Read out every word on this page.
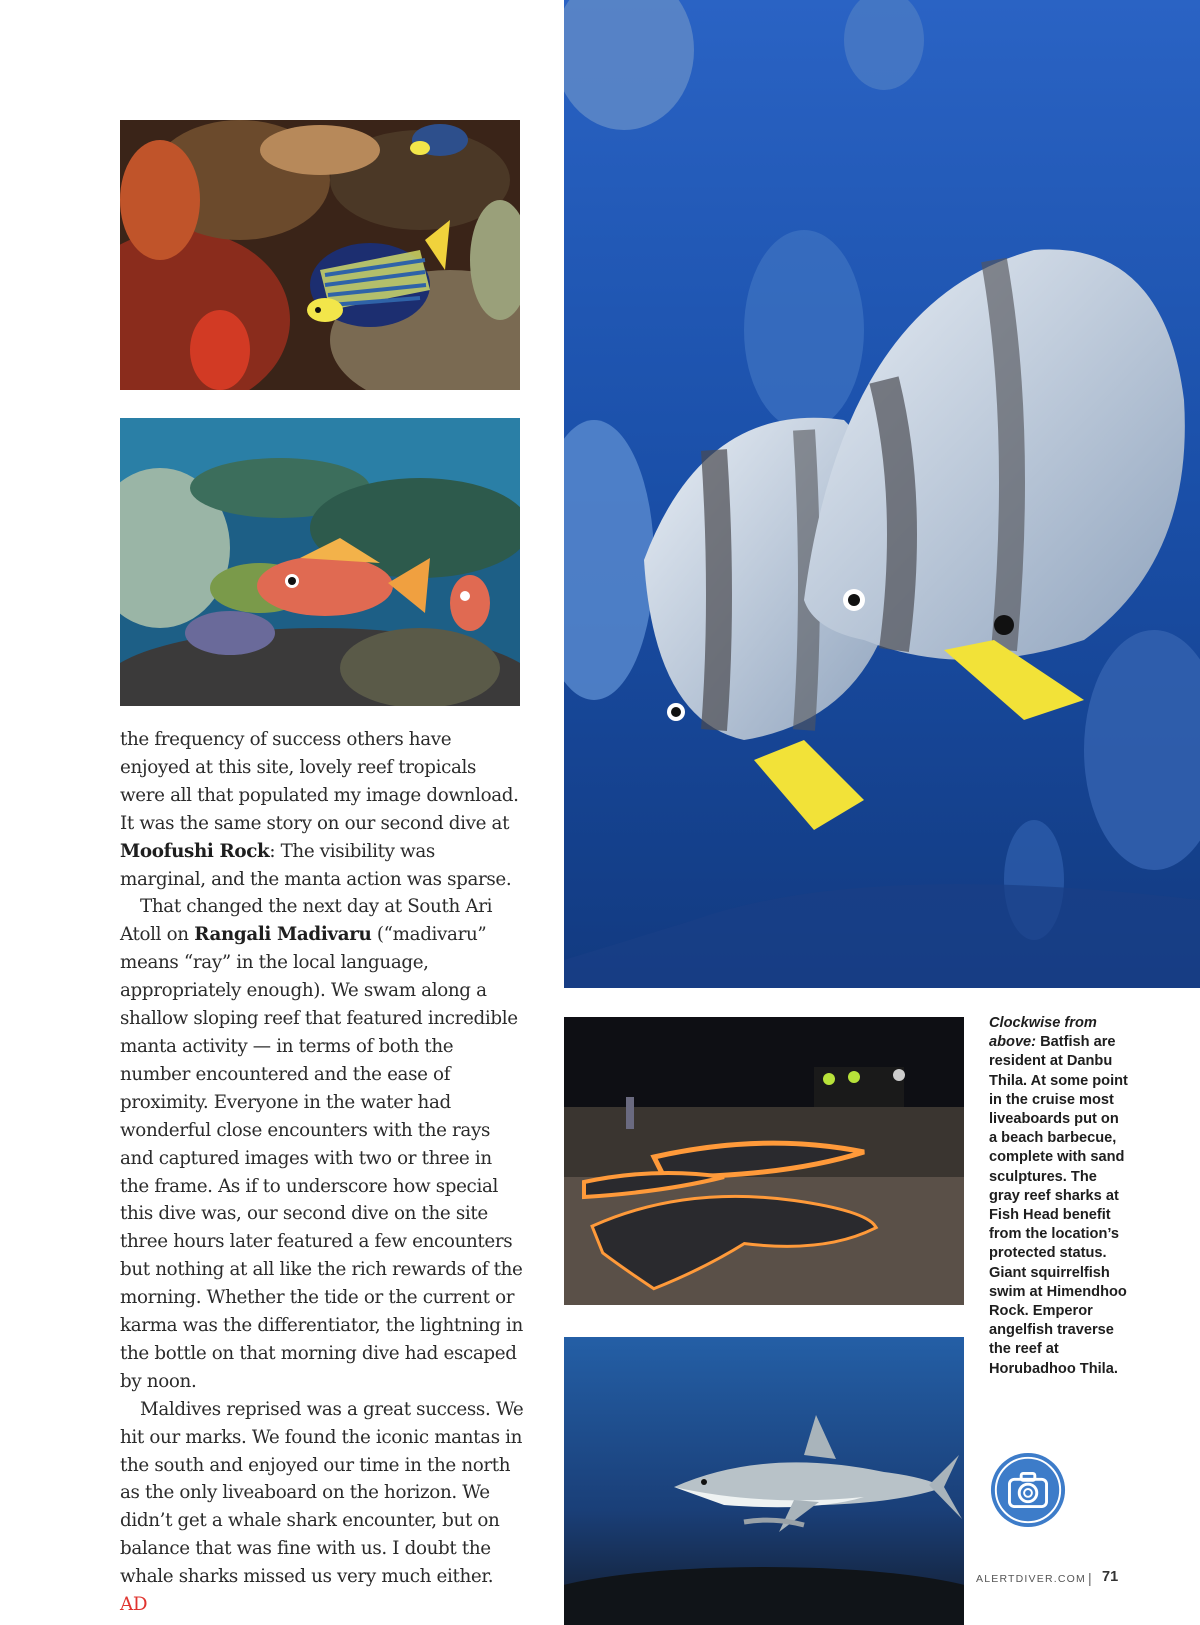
the frequency of success others have enjoyed at this site, lovely reef tropicals were all that populated my image download. It was the same story on our second dive at Moofushi Rock: The visibility was marginal, and the manta action was sparse.

That changed the next day at South Ari Atoll on Rangali Madivaru (“madivaru” means “ray” in the local language, appropriately enough). We swam along a shallow sloping reef that featured incredible manta activity — in terms of both the number encountered and the ease of proximity. Everyone in the water had wonderful close encounters with the rays and captured images with two or three in the frame. As if to underscore how special this dive was, our second dive on the site three hours later featured a few encounters but nothing at all like the rich rewards of the morning. Whether the tide or the current or karma was the differentiator, the lightning in the bottle on that morning dive had escaped by noon.

Maldives reprised was a great success. We hit our marks. We found the iconic mantas in the south and enjoyed our time in the north as the only liveaboard on the horizon. We didn’t get a whale shark encounter, but on balance that was fine with us. I doubt the whale sharks missed us very much either. AD

Clockwise from above: Batfish are resident at Danbu Thila. At some point in the cruise most liveaboards put on a beach barbecue, complete with sand sculptures. The gray reef sharks at Fish Head benefit from the location’s protected status. Giant squirrelfish swim at Himendhoo Rock. Emperor angelfish traverse the reef at Horubadhoo Thila.
ALERTDIVER.COM | 71
